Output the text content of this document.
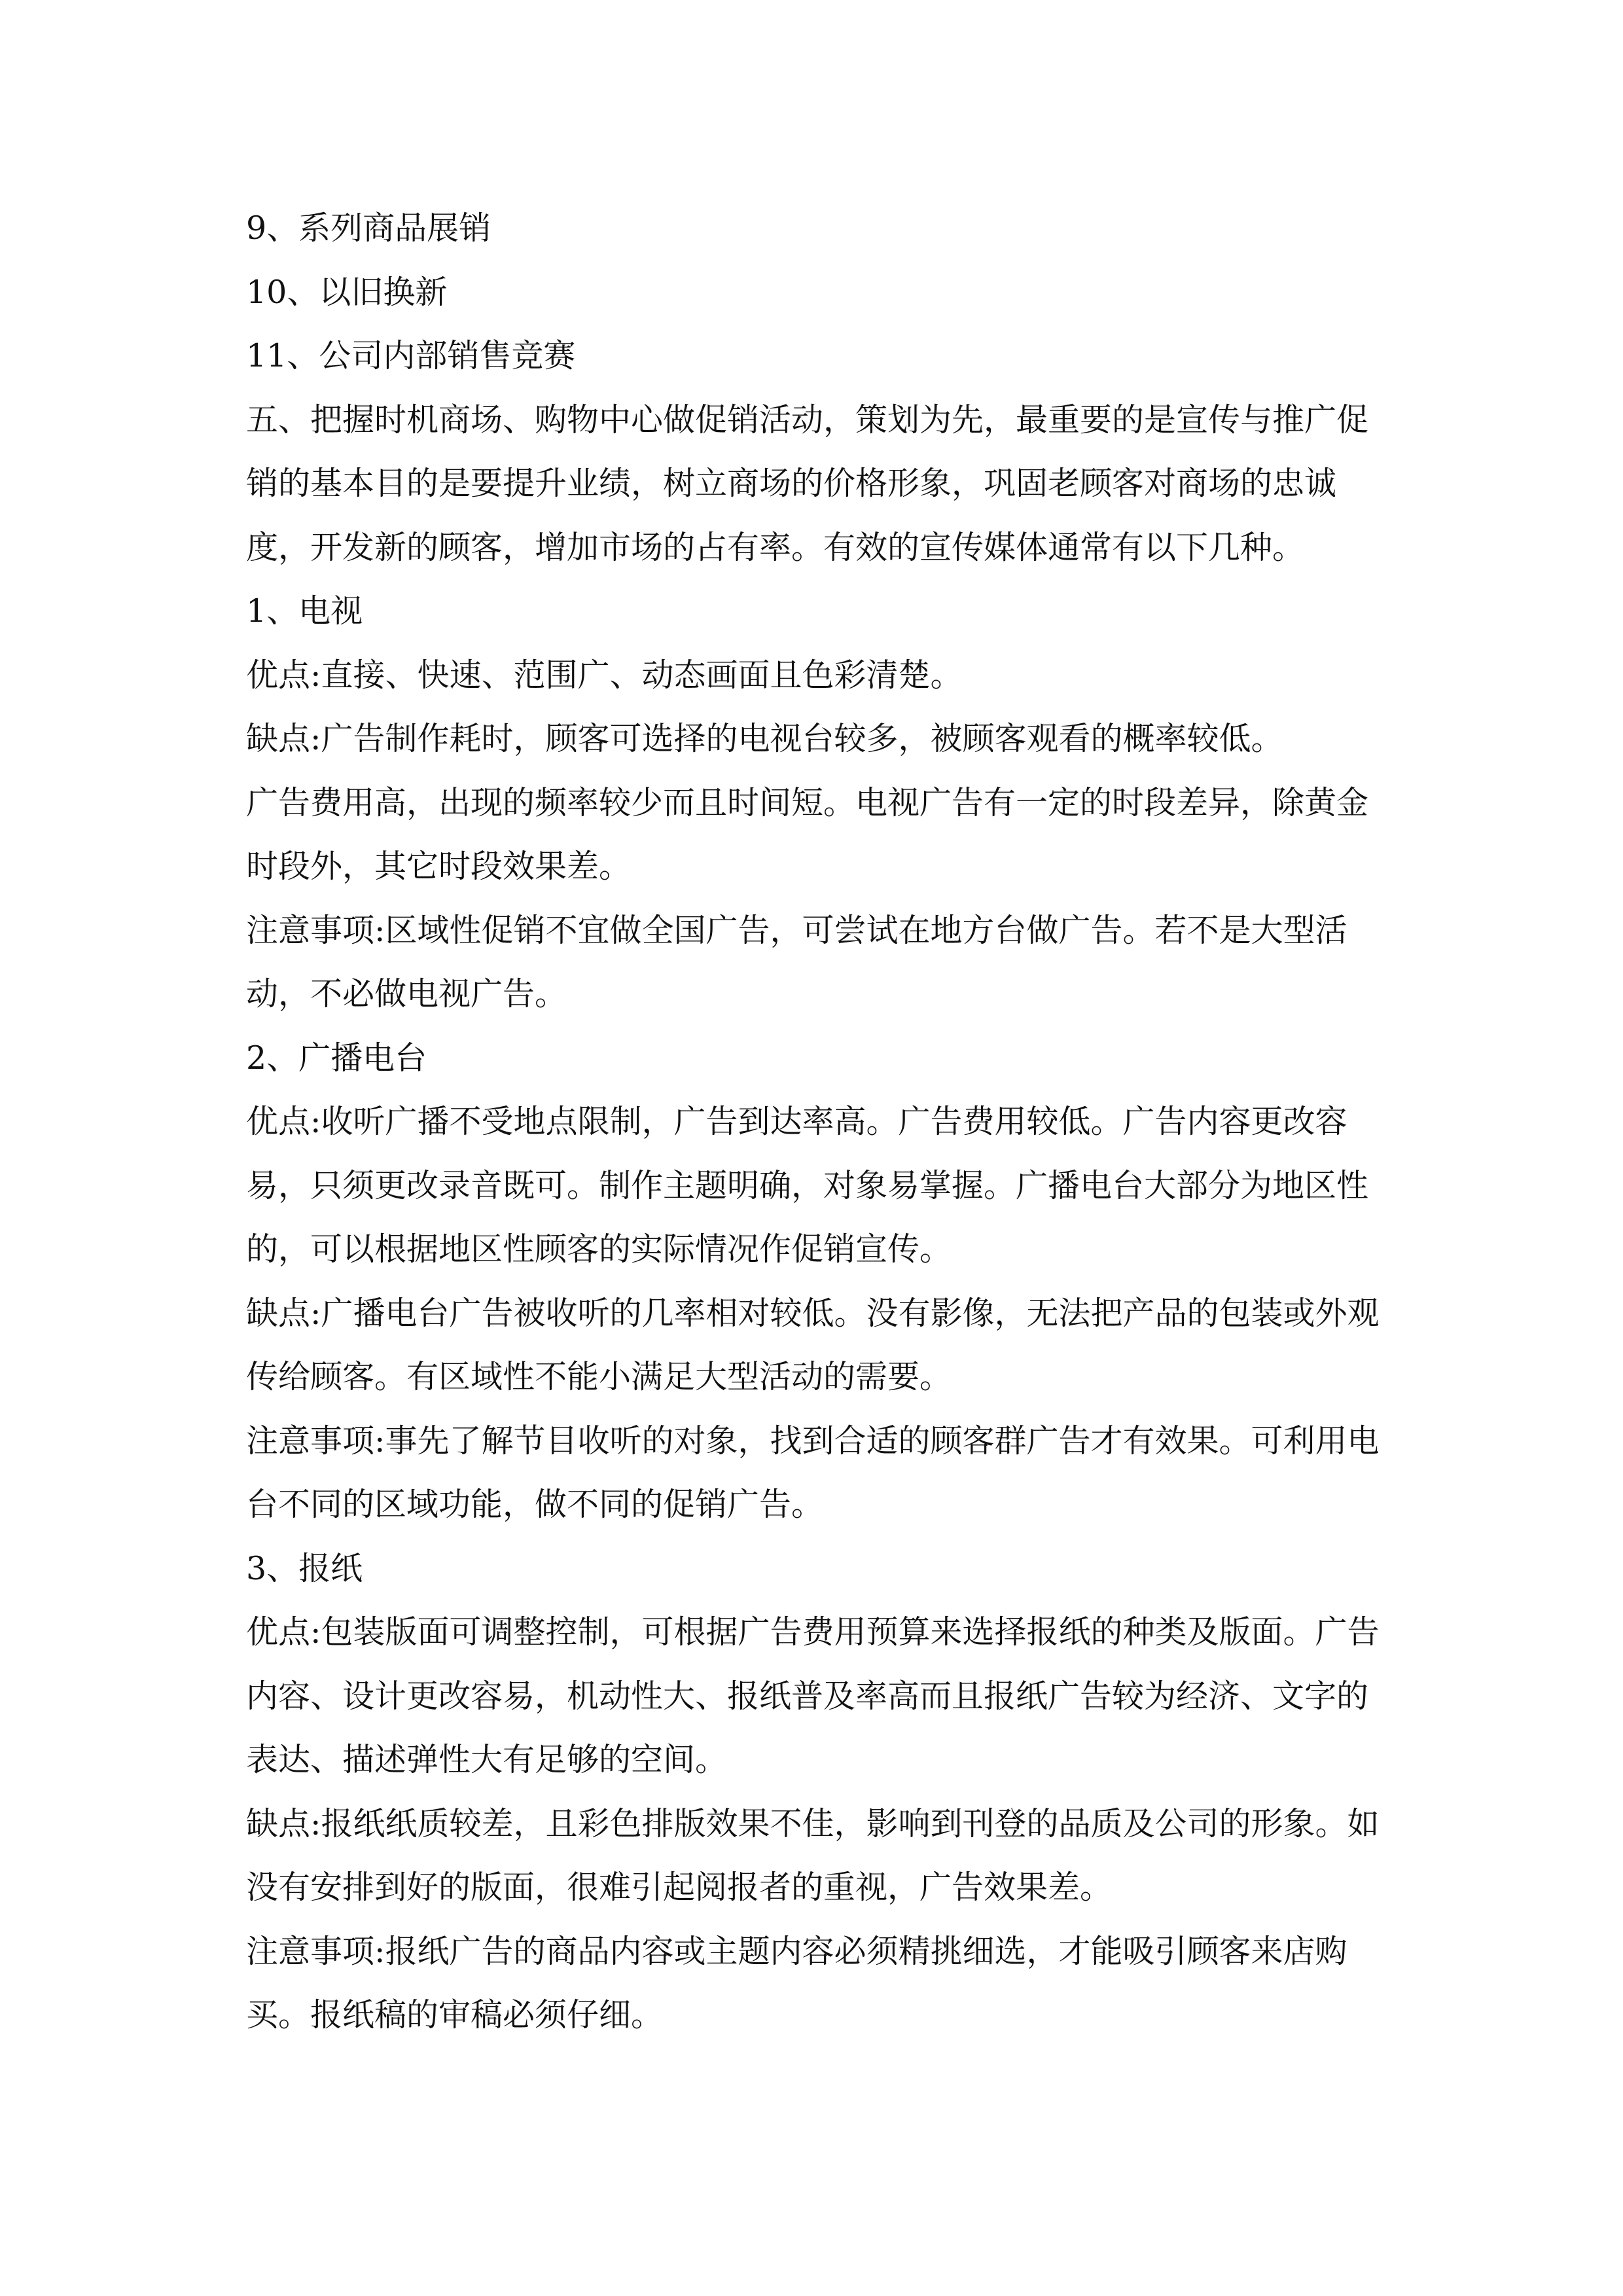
9、系列商品展销

10、以旧换新

11、公司内部销售竞赛

五、把握时机商场、购物中心做促销活动，策划为先，最重要的是宣传与推广促销的基本目的是要提升业绩，树立商场的价格形象，巩固老顾客对商场的忠诚度，开发新的顾客，增加市场的占有率。有效的宣传媒体通常有以下几种。

1、电视

优点:直接、快速、范围广、动态画面且色彩清楚。

缺点:广告制作耗时，顾客可选择的电视台较多，被顾客观看的概率较低。

广告费用高，出现的频率较少而且时间短。电视广告有一定的时段差异，除黄金时段外，其它时段效果差。

注意事项:区域性促销不宜做全国广告，可尝试在地方台做广告。若不是大型活动，不必做电视广告。

2、广播电台

优点:收听广播不受地点限制，广告到达率高。广告费用较低。广告内容更改容易，只须更改录音既可。制作主题明确，对象易掌握。广播电台大部分为地区性的，可以根据地区性顾客的实际情况作促销宣传。

缺点:广播电台广告被收听的几率相对较低。没有影像，无法把产品的包装或外观传给顾客。有区域性不能小满足大型活动的需要。

注意事项:事先了解节目收听的对象，找到合适的顾客群广告才有效果。可利用电台不同的区域功能，做不同的促销广告。

3、报纸

优点:包装版面可调整控制，可根据广告费用预算来选择报纸的种类及版面。广告内容、设计更改容易，机动性大、报纸普及率高而且报纸广告较为经济、文字的表达、描述弹性大有足够的空间。

缺点:报纸纸质较差，且彩色排版效果不佳，影响到刊登的品质及公司的形象。如没有安排到好的版面，很难引起阅报者的重视，广告效果差。

注意事项:报纸广告的商品内容或主题内容必须精挑细选，才能吸引顾客来店购买。报纸稿的审稿必须仔细。
